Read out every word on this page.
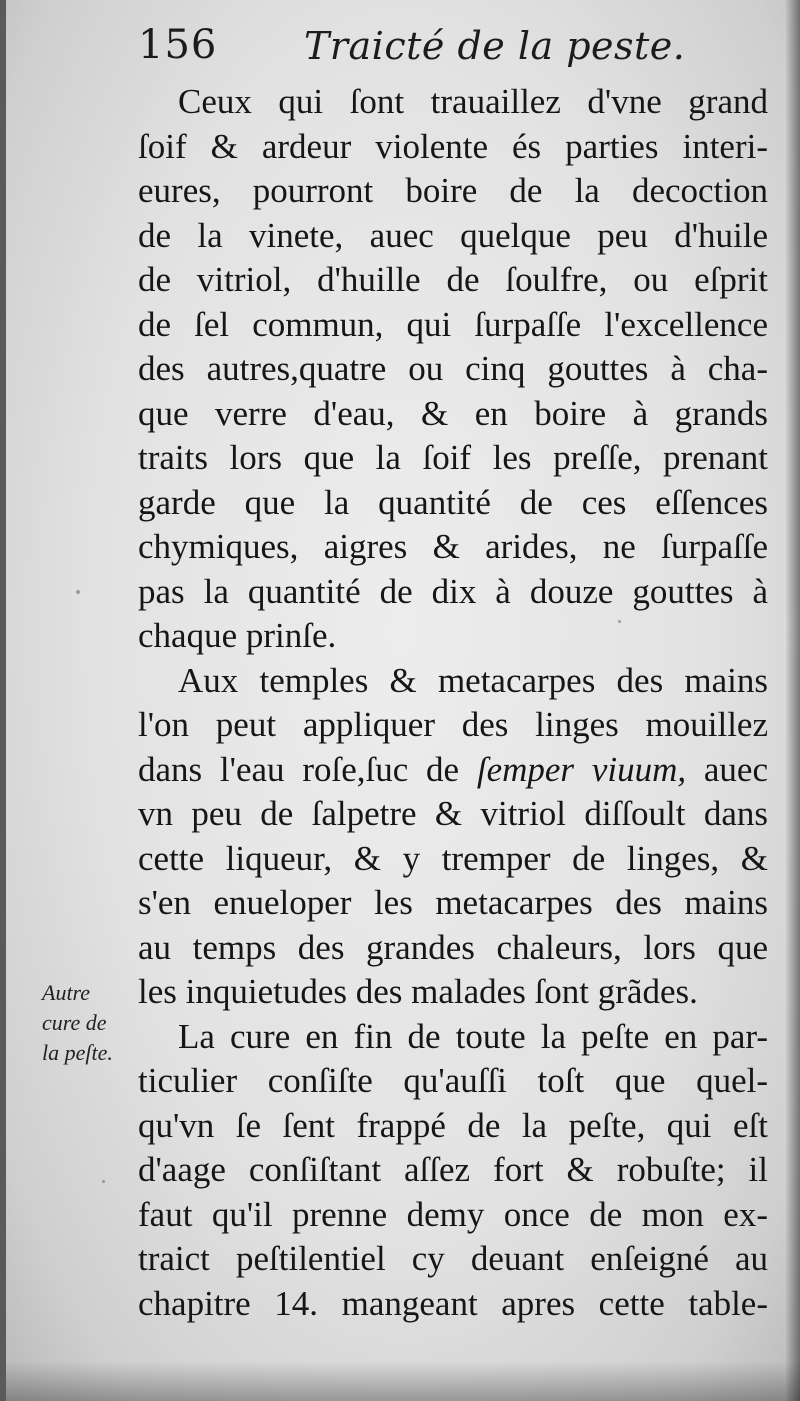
156 Traicté de la peste.
Ceux qui ſont trauaillez d'vne grand
ſoif & ardeur violente és parties interi-
eures, pourront boire de la decoction
de la vinete, auec quelque peu d'huile
de vitriol, d'huille de ſoulfre, ou eſprit
de ſel commun, qui ſurpaſſe l'excellence
des autres,quatre ou cinq gouttes à cha-
que verre d'eau, & en boire à grands
traits lors que la ſoif les preſſe, prenant
garde que la quantité de ces eſſences
chymiques, aigres & arides, ne ſurpaſſe
pas la quantité de dix à douze gouttes à
chaque prinſe.
Aux temples & metacarpes des mains
l'on peut appliquer des linges mouillez
dans l'eau roſe,ſuc de ſemper viuum, auec
vn peu de ſalpetre & vitriol diſſoult dans
cette liqueur, & y tremper de linges, &
s'en enueloper les metacarpes des mains
au temps des grandes chaleurs, lors que
les inquietudes des malades ſont grãdes.
La cure en fin de toute la peſte en par-
ticulier conſiſte qu'auſſi toſt que quel-
qu'vn ſe ſent frappé de la peſte, qui eſt
d'aage conſiſtant aſſez fort & robuſte; il
faut qu'il prenne demy once de mon ex-
traict peſtilentiel cy deuant enſeigné au
chapitre 14. mangeant apres cette table-
Autre
cure de
la peſte.
